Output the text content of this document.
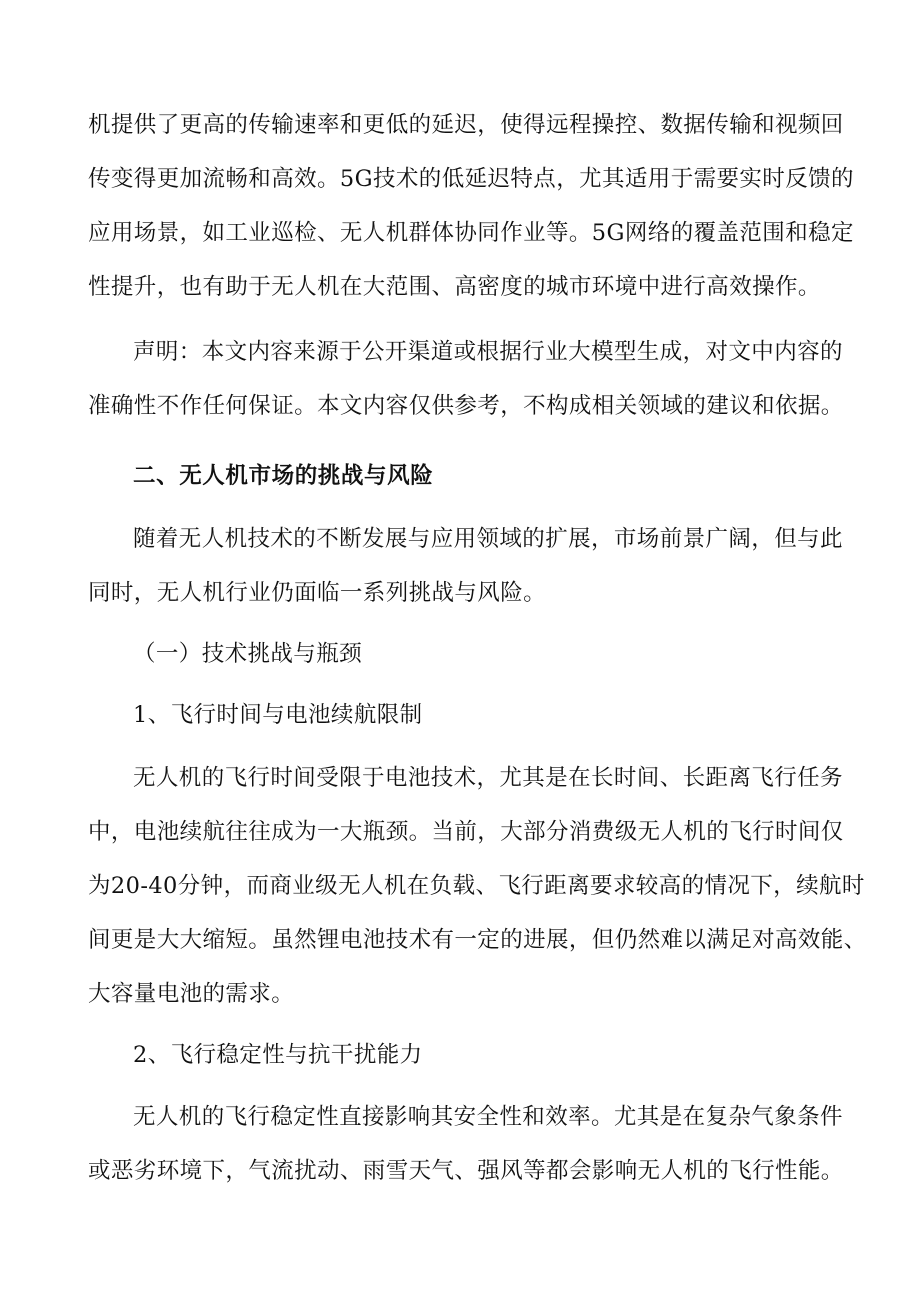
机提供了更高的传输速率和更低的延迟，使得远程操控、数据传输和视频回
传变得更加流畅和高效。5G技术的低延迟特点，尤其适用于需要实时反馈的
应用场景，如工业巡检、无人机群体协同作业等。5G网络的覆盖范围和稳定
性提升，也有助于无人机在大范围、高密度的城市环境中进行高效操作。
声明：本文内容来源于公开渠道或根据行业大模型生成，对文中内容的
准确性不作任何保证。本文内容仅供参考，不构成相关领域的建议和依据。
二、无人机市场的挑战与风险
随着无人机技术的不断发展与应用领域的扩展，市场前景广阔，但与此
同时，无人机行业仍面临一系列挑战与风险。
（一）技术挑战与瓶颈
1、飞行时间与电池续航限制
无人机的飞行时间受限于电池技术，尤其是在长时间、长距离飞行任务
中，电池续航往往成为一大瓶颈。当前，大部分消费级无人机的飞行时间仅
为20-40分钟，而商业级无人机在负载、飞行距离要求较高的情况下，续航时
间更是大大缩短。虽然锂电池技术有一定的进展，但仍然难以满足对高效能、
大容量电池的需求。
2、飞行稳定性与抗干扰能力
无人机的飞行稳定性直接影响其安全性和效率。尤其是在复杂气象条件
或恶劣环境下，气流扰动、雨雪天气、强风等都会影响无人机的飞行性能。
